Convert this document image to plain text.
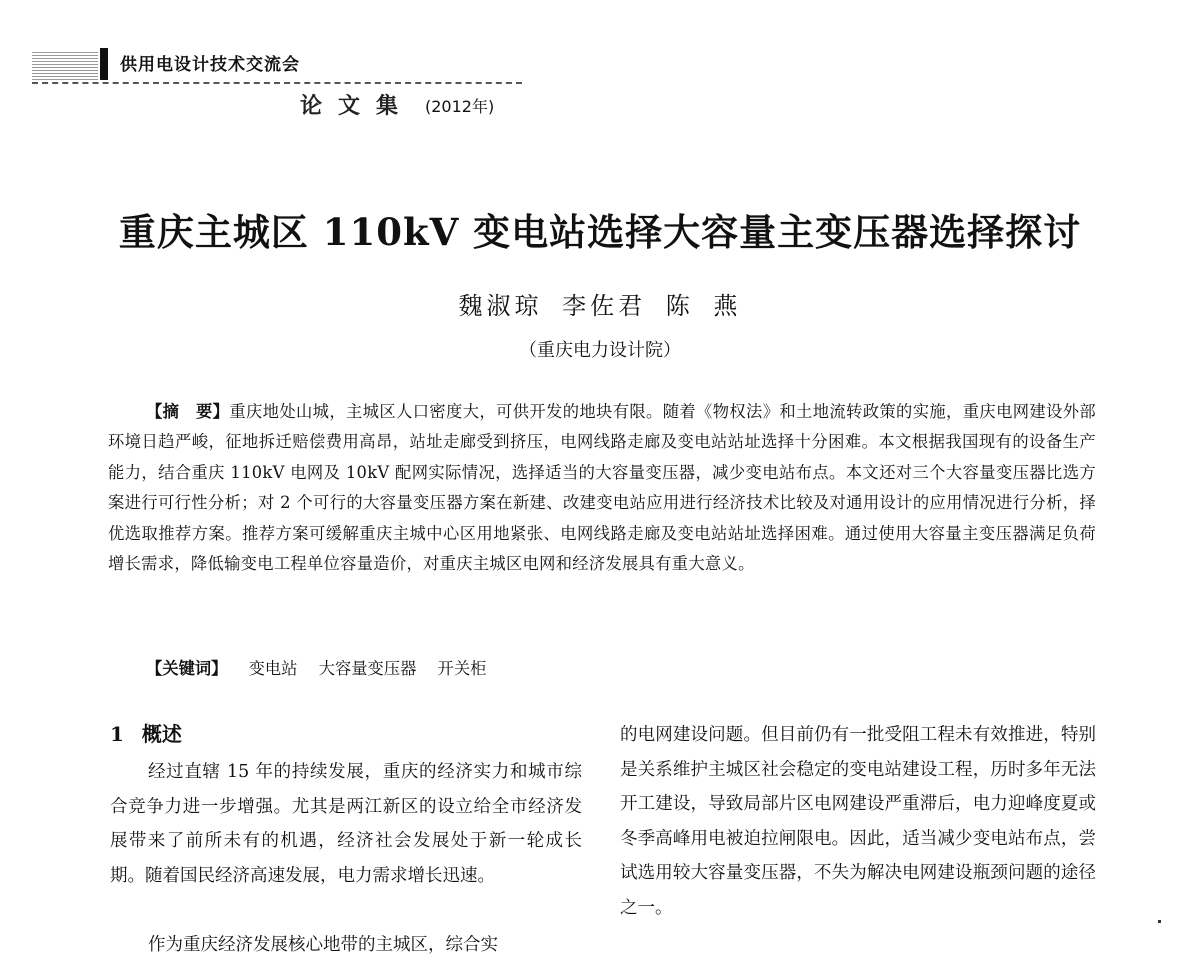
供用电设计技术交流会
论文集 (2012年)
重庆主城区 110kV 变电站选择大容量主变压器选择探讨
魏淑琼 李佐君 陈 燕
（重庆电力设计院）

【摘　要】重庆地处山城，主城区人口密度大，可供开发的地块有限。随着《物权法》和土地流转政策的实施，重庆电网建设外部环境日趋严峻，征地拆迁赔偿费用高昂，站址走廊受到挤压，电网线路走廊及变电站站址选择十分困难。本文根据我国现有的设备生产能力，结合重庆 110kV 电网及 10kV 配网实际情况，选择适当的大容量变压器，减少变电站布点。本文还对三个大容量变压器比选方案进行可行性分析；对 2 个可行的大容量变压器方案在新建、改建变电站应用进行经济技术比较及对通用设计的应用情况进行分析，择优选取推荐方案。推荐方案可缓解重庆主城中心区用地紧张、电网线路走廊及变电站站址选择困难。通过使用大容量主变压器满足负荷增长需求，降低输变电工程单位容量造价，对重庆主城区电网和经济发展具有重大意义。

【关键词】 变电站 大容量变压器 开关柜
1 概述

经过直辖 15 年的持续发展，重庆的经济实力和城市综合竞争力进一步增强。尤其是两江新区的设立给全市经济发展带来了前所未有的机遇，经济社会发展处于新一轮成长期。随着国民经济高速发展，电力需求增长迅速。

作为重庆经济发展核心地带的主城区，综合实

的电网建设问题。但目前仍有一批受阻工程未有效推进，特别是关系维护主城区社会稳定的变电站建设工程，历时多年无法开工建设，导致局部片区电网建设严重滞后，电力迎峰度夏或冬季高峰用电被迫拉闸限电。因此，适当减少变电站布点，尝试选用较大容量变压器，不失为解决电网建设瓶颈问题的途径之一。
